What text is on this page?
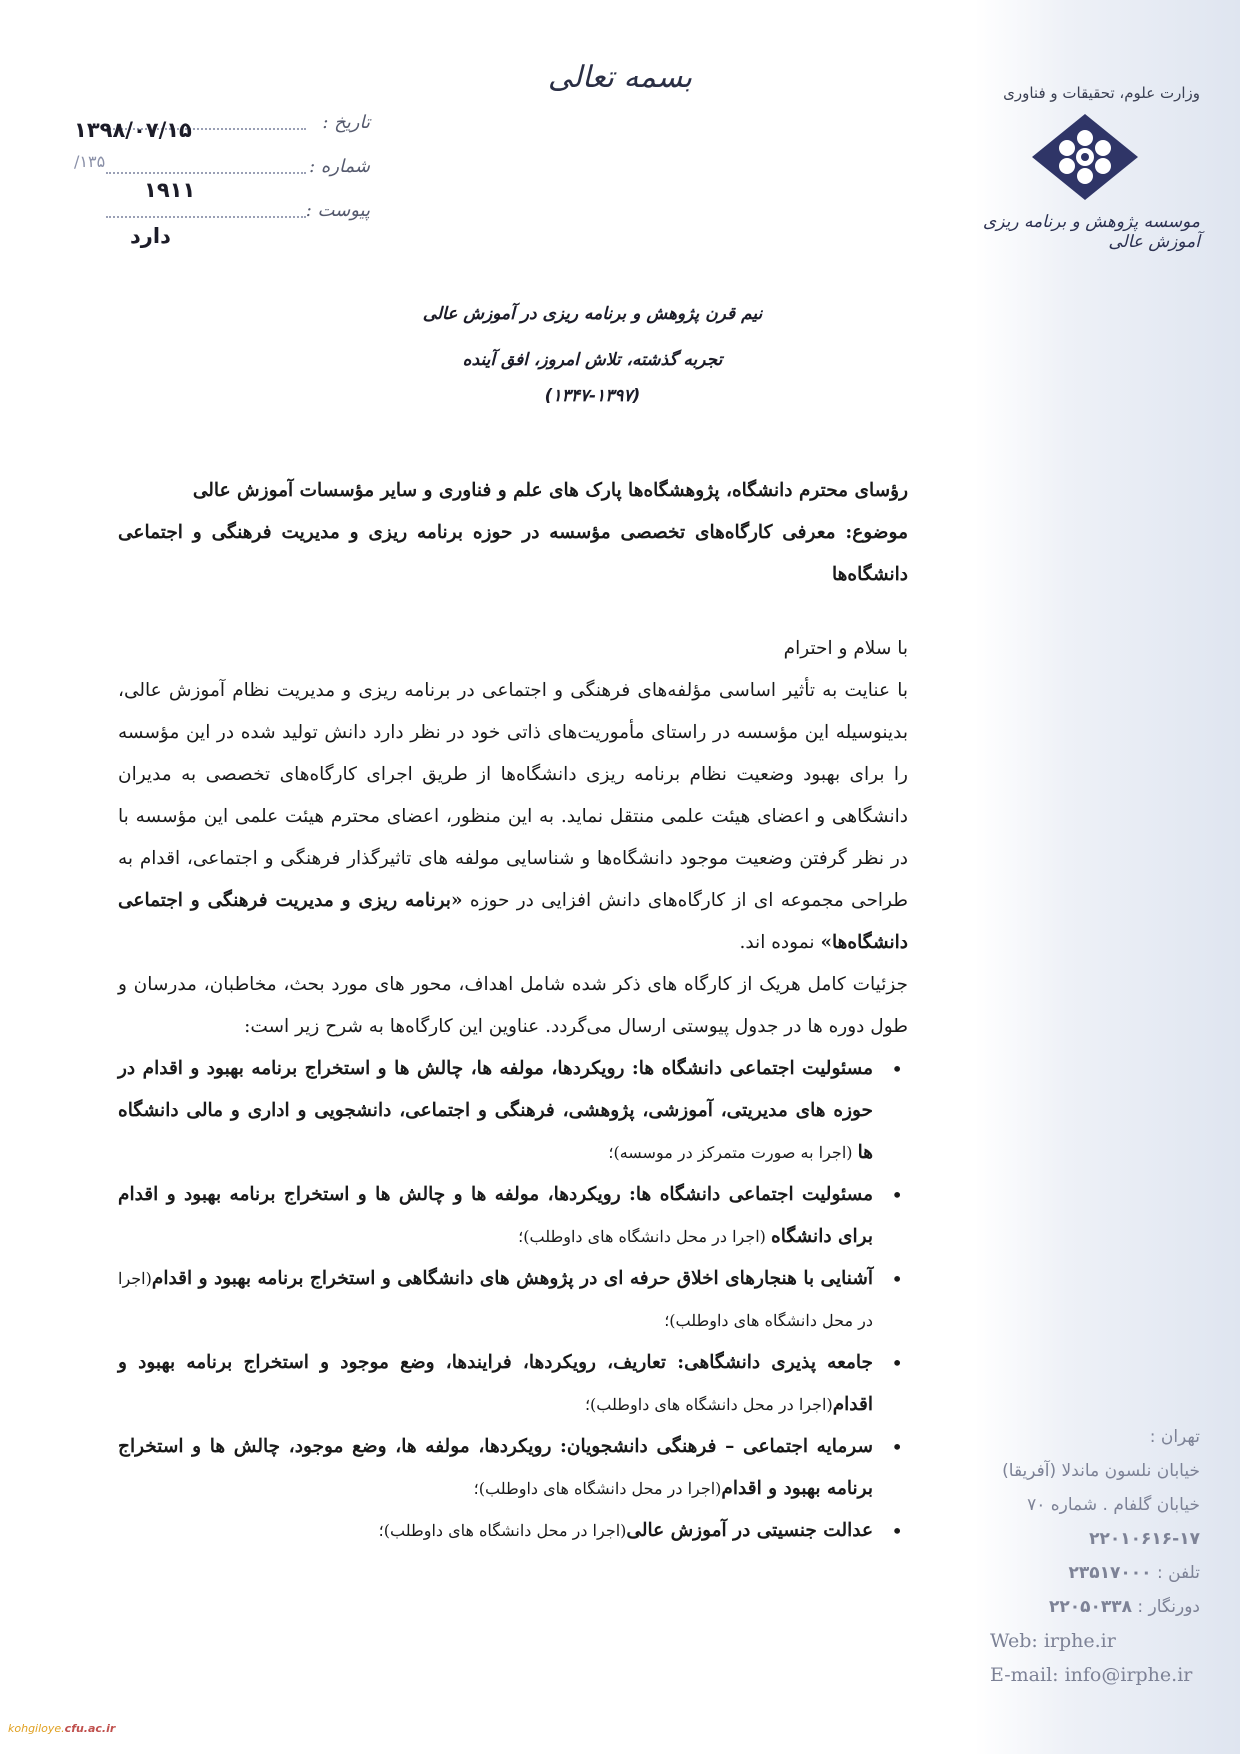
وزارت علوم، تحقیقات و فناوری
موسسه پژوهش و برنامه ریزی آموزش عالی
بسمه تعالی
تاریخ :
۱۳۹۸/۰۷/۱۵
شماره :
۱۳۵/
۱۹۱۱
پیوست :
دارد
نیم قرن پژوهش و برنامه ریزی در آموزش عالی
تجربه گذشته، تلاش امروز، افق آینده
(۱۳۴۷-۱۳۹۷)

رؤسای محترم دانشگاه، پژوهشگاه‌ها پارک های علم و فناوری و سایر مؤسسات آموزش عالی

موضوع: معرفی کارگاه‌های تخصصی مؤسسه در حوزه برنامه ریزی و مدیریت فرهنگی و اجتماعی دانشگاه‌ها

با سلام و احترام

با عنایت به تأثیر اساسی مؤلفه‌های فرهنگی و اجتماعی در برنامه ریزی و مدیریت نظام آموزش عالی، بدینوسیله این مؤسسه در راستای مأموریت‌های ذاتی خود در نظر دارد دانش تولید شده در این مؤسسه را برای بهبود وضعیت نظام برنامه ریزی دانشگاه‌ها از طریق اجرای کارگاه‌های تخصصی به مدیران دانشگاهی و اعضای هیئت علمی منتقل نماید. به این منظور، اعضای محترم هیئت علمی این مؤسسه با در نظر گرفتن وضعیت موجود دانشگاه‌ها و شناسایی مولفه های تاثیرگذار فرهنگی و اجتماعی، اقدام به طراحی مجموعه ای از کارگاه‌های دانش افزایی در حوزه «برنامه ریزی و مدیریت فرهنگی و اجتماعی دانشگاه‌ها» نموده اند.

جزئیات کامل هریک از کارگاه های ذکر شده شامل اهداف، محور های مورد بحث، مخاطبان، مدرسان و طول دوره ها در جدول پیوستی ارسال می‌گردد. عناوین این کارگاه‌ها به شرح زیر است:

• مسئولیت اجتماعی دانشگاه ها: رویکردها، مولفه ها، چالش ها و استخراج برنامه بهبود و اقدام در حوزه های مدیریتی، آموزشی، پژوهشی، فرهنگی و اجتماعی، دانشجویی و اداری و مالی دانشگاه ها (اجرا به صورت متمرکز در موسسه)؛
• مسئولیت اجتماعی دانشگاه ها: رویکردها، مولفه ها و چالش ها و استخراج برنامه بهبود و اقدام برای دانشگاه (اجرا در محل دانشگاه های داوطلب)؛
• آشنایی با هنجارهای اخلاق حرفه ای در پژوهش های دانشگاهی و استخراج برنامه بهبود و اقدام(اجرا در محل دانشگاه های داوطلب)؛
• جامعه پذیری دانشگاهی: تعاریف، رویکردها، فرایندها، وضع موجود و استخراج برنامه بهبود و اقدام(اجرا در محل دانشگاه های داوطلب)؛
• سرمایه اجتماعی – فرهنگی دانشجویان: رویکردها، مولفه ها، وضع موجود، چالش ها و استخراج برنامه بهبود و اقدام(اجرا در محل دانشگاه های داوطلب)؛
• عدالت جنسیتی در آموزش عالی(اجرا در محل دانشگاه های داوطلب)؛
تهران :
خیابان نلسون ماندلا (آفریقا)
خیابان گلفام . شماره ۷۰
۲۲۰۱۰۶۱۶-۱۷
تلفن : ۲۳۵۱۷۰۰۰
دورنگار : ۲۲۰۵۰۳۳۸
Web: irphe.ir
E-mail: info@irphe.ir
kohgiloye.cfu.ac.ir
